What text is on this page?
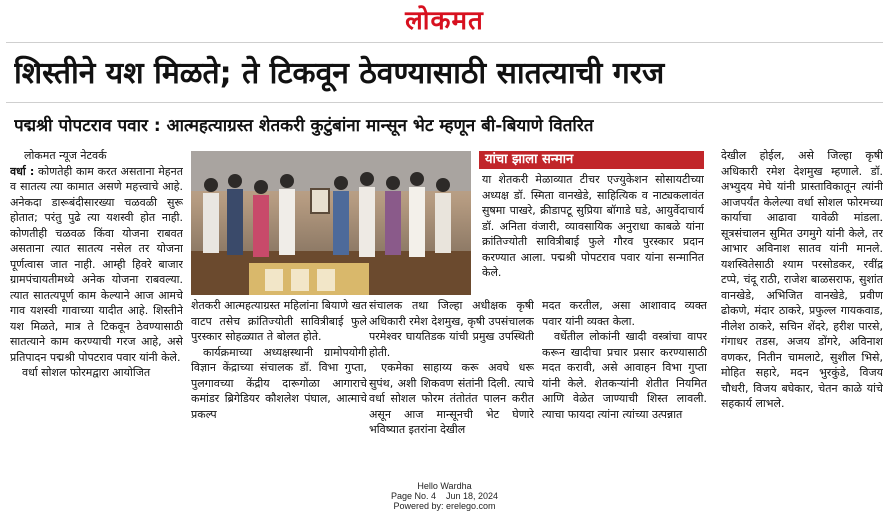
लोकमत
शिस्तीने यश मिळते; ते टिकवून ठेवण्यासाठी सातत्याची गरज
पद्मश्री पोपटराव पवार : आत्महत्याग्रस्त शेतकरी कुटुंबांना मान्सून भेट म्हणून बी-बियाणे वितरित

लोकमत न्यूज नेटवर्क

वर्धा : कोणतेही काम करत असताना मेहनत व सातत्य त्या कामात असणे महत्त्वाचे आहे. अनेकदा डारूबंदीसारख्या चळवळी सुरू होतात; परंतु पुढे त्या यशस्वी होत नाही. कोणतीही चळवळ किंवा योजना राबवत असताना त्यात सातत्य नसेल तर योजना पूर्णत्वास जात नाही. आम्ही हिवरे बाजार ग्रामपंचायतीमध्ये अनेक योजना राबवल्या. त्यात सातत्यपूर्ण काम केल्याने आज आमचे गाव यशस्वी गावाच्या यादीत आहे. शिस्तीने यश मिळते, मात्र ते टिकवून ठेवण्यासाठी सातत्याने काम करण्याची गरज आहे, असे प्रतिपादन पद्मश्री पोपटराव पवार यांनी केले.

वर्धा सोशल फोरमद्वारा आयोजित

यांचा झाला सन्मान

या शेतकरी मेळाव्यात टीचर एज्युकेशन सोसायटीच्या अध्यक्ष डॉ. स्मिता वानखेडे, साहित्यिक व नाट्यकलावंत सुषमा पाखरे, क्रीडापटू सुप्रिया बॉगाडे घडे, आयुर्वेदाचार्य डॉ. अनिता वंजारी, व्यावसायिक अनुराधा काबळे यांना क्रांतिज्योती सावित्रीबाई फुले गौरव पुरस्कार प्रदान करण्यात आला. पद्मश्री पोपटराव पवार यांना सन्मानित केले.

शेतकरी आत्महत्याग्रस्त महिलांना बियाणे खत वाटप तसेच क्रांतिज्योती सावित्रीबाई फुले पुरस्कार सोहळ्यात ते बोलत होते.

कार्यक्रमाच्या अध्यक्षस्थानी ग्रामोपयोगी विज्ञान केंद्राच्या संचालक डॉ. विभा गुप्ता, पुलगावच्या केंद्रीय दारूगोळा आगाराचे कमांडर ब्रिगेडियर कौशलेश पंघाल, आत्माचे प्रकल्प

संचालक तथा जिल्हा अधीक्षक कृषी अधिकारी रमेश देशमुख, कृषी उपसंचालक परमेश्वर घायतिडक यांची प्रमुख उपस्थिती होती.

एकमेका साहाय्य करू अवघे धरू सुपंथ, अशी शिकवण संतांनी दिली. त्याचे वर्धा सोशल फोरम तंतोतंत पालन करीत असून आज मान्सूनची भेट घेणारे भविष्यात इतरांना देखील

मदत करतील, असा आशावाद व्यक्त पवार यांनी व्यक्त केला.

वर्धेतील लोकांनी खादी वस्त्रांचा वापर करून खादीचा प्रचार प्रसार करण्यासाठी मदत करावी, असे आवाहन विभा गुप्ता यांनी केले. शेतकऱ्यांनी शेतीत नियमित आणि वेळेत जाण्याची शिस्त लावली. त्याचा फायदा त्यांना त्यांच्या उत्पन्नात

देखील होईल, असे जिल्हा कृषी अधिकारी रमेश देशमुख म्हणाले. डॉ. अभ्युदय मेघे यांनी प्रास्ताविकातून त्यांनी आजपर्यंत केलेल्या वर्धा सोशल फोरमच्या कार्याचा आढावा यावेळी मांडला. सूत्रसंचालन सुमित उगमुगे यांनी केले, तर आभार अविनाश सातव यांनी मानले. यशस्वितेसाठी श्याम परसोडकर, रवींद्र टप्पे, चंदू राठी, राजेश बाळसराफ, सुशांत वानखेडे, अभिजित वानखेडे, प्रवीण ढोकणे, मंदार ठाकरे, प्रफुल्ल गायकवाड, नीलेश ठाकरे, सचिन शेंदरे, हरीश पारसे, गंगाधर तडस, अजय डोंगरे, अविनाश वणकर, नितीन चामलाटे, सुशील भिसे, मोहित सहारे, मदन भुरकुंडे, विजय चौधरी, विजय बघेकार, चेतन काळे यांचे सहकार्य लाभले.

Hello Wardha
Page No. 4 Jun 18, 2024
Powered by: erelego.com
